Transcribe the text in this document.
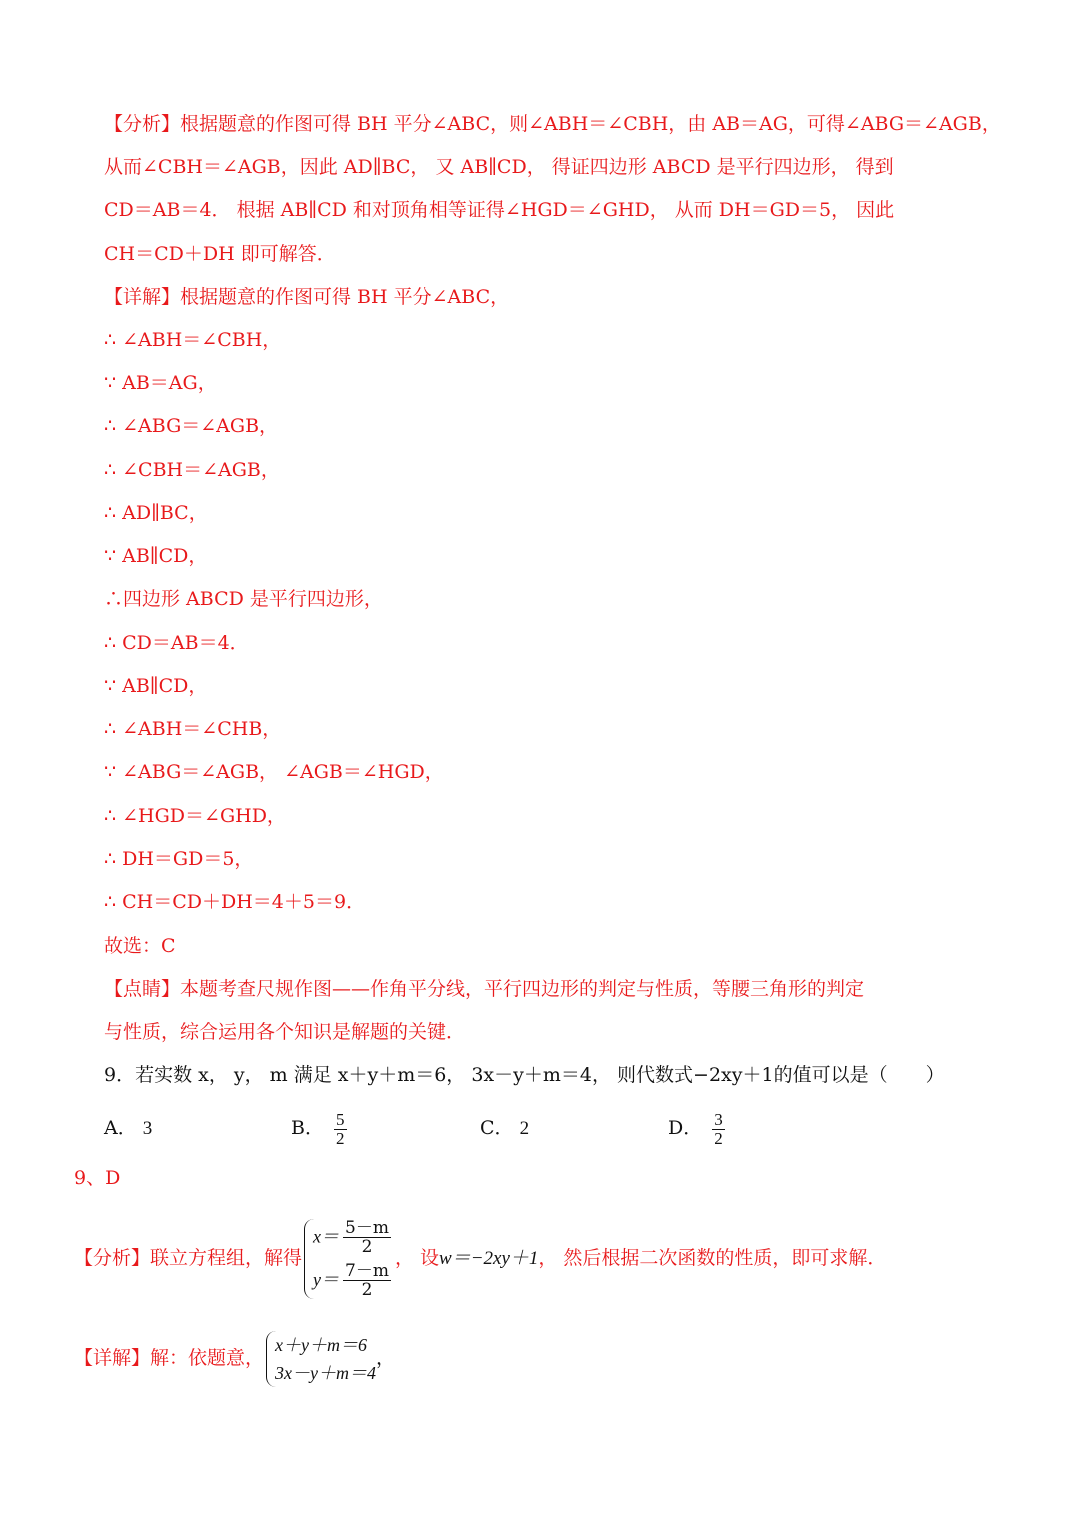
【分析】根据题意的作图可得 BH 平分∠ABC，则∠ABH＝∠CBH，由 AB＝AG，可得∠ABG＝∠AGB，
从而∠CBH＝∠AGB，因此 AD∥BC， 又 AB∥CD， 得证四边形 ABCD 是平行四边形， 得到
CD＝AB＝4． 根据 AB∥CD 和对顶角相等证得∠HGD＝∠GHD， 从而 DH＝GD＝5， 因此
CH＝CD＋DH 即可解答．
【详解】根据题意的作图可得 BH 平分∠ABC，
∴ ∠ABH＝∠CBH，
∵ AB＝AG，
∴ ∠ABG＝∠AGB，
∴ ∠CBH＝∠AGB，
∴ AD∥BC，
∵ AB∥CD，
∴四边形 ABCD 是平行四边形，
∴ CD＝AB＝4．
∵ AB∥CD，
∴ ∠ABH＝∠CHB，
∵ ∠ABG＝∠AGB， ∠AGB＝∠HGD，
∴ ∠HGD＝∠GHD，
∴ DH＝GD＝5，
∴ CH＝CD＋DH＝4＋5＝9．
故选：C
【点睛】本题考查尺规作图——作角平分线，平行四边形的判定与性质，等腰三角形的判定
与性质，综合运用各个知识是解题的关键．
9．若实数 x， y， m 满足 x＋y＋m＝6， 3x－y＋m＝4， 则代数式−2xy＋1的值可以是（　　）
A． 3	B． $\frac{5}{2}$	C． 2	D． $\frac{3}{2}$
9、D
【分析】联立方程组，解得
$x= \frac{5-m}{2}$
$y= \frac{7-m}{2}$
， 设w＝−2xy＋1， 然后根据二次函数的性质，即可求解．
【详解】解：依题意，
x＋y＋m＝6
3x－y＋m＝4
，
